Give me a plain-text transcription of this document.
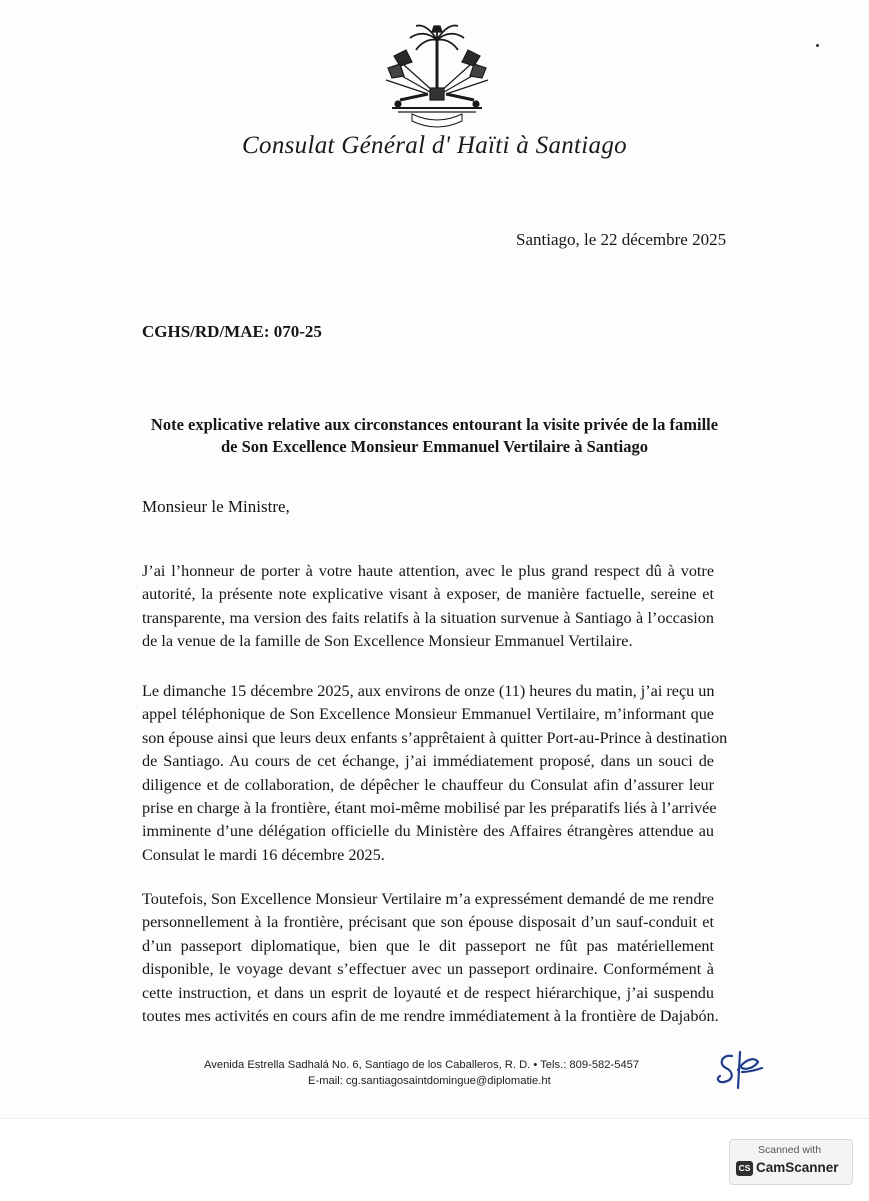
Consulat Général d' Haïti à Santiago
Santiago, le 22 décembre 2025
CGHS/RD/MAE: 070-25
Note explicative relative aux circonstances entourant la visite privée de la famille
de Son Excellence Monsieur Emmanuel Vertilaire à Santiago
Monsieur le Ministre,
J’ai l’honneur de porter à votre haute attention, avec le plus grand respect dû à votre
autorité, la présente note explicative visant à exposer, de manière factuelle, sereine et
transparente, ma version des faits relatifs à la situation survenue à Santiago à l’occasion
de la venue de la famille de Son Excellence Monsieur Emmanuel Vertilaire.
Le dimanche 15 décembre 2025, aux environs de onze (11) heures du matin, j’ai reçu un
appel téléphonique de Son Excellence Monsieur Emmanuel Vertilaire, m’informant que
son épouse ainsi que leurs deux enfants s’apprêtaient à quitter Port-au-Prince à destination
de Santiago. Au cours de cet échange, j’ai immédiatement proposé, dans un souci de
diligence et de collaboration, de dépêcher le chauffeur du Consulat afin d’assurer leur
prise en charge à la frontière, étant moi-même mobilisé par les préparatifs liés à l’arrivée
imminente d’une délégation officielle du Ministère des Affaires étrangères attendue au
Consulat le mardi 16 décembre 2025.
Toutefois, Son Excellence Monsieur Vertilaire m’a expressément demandé de me rendre
personnellement à la frontière, précisant que son épouse disposait d’un sauf-conduit et
d’un passeport diplomatique, bien que le dit passeport ne fût pas matériellement
disponible, le voyage devant s’effectuer avec un passeport ordinaire. Conformément à
cette instruction, et dans un esprit de loyauté et de respect hiérarchique, j’ai suspendu
toutes mes activités en cours afin de me rendre immédiatement à la frontière de Dajabón.
Avenida Estrella Sadhalá No. 6, Santiago de los Caballeros, R. D. • Tels.: 809-582-5457
E-mail: cg.santiagosaintdomingue@diplomatie.ht
Scanned with
CS CamScanner
